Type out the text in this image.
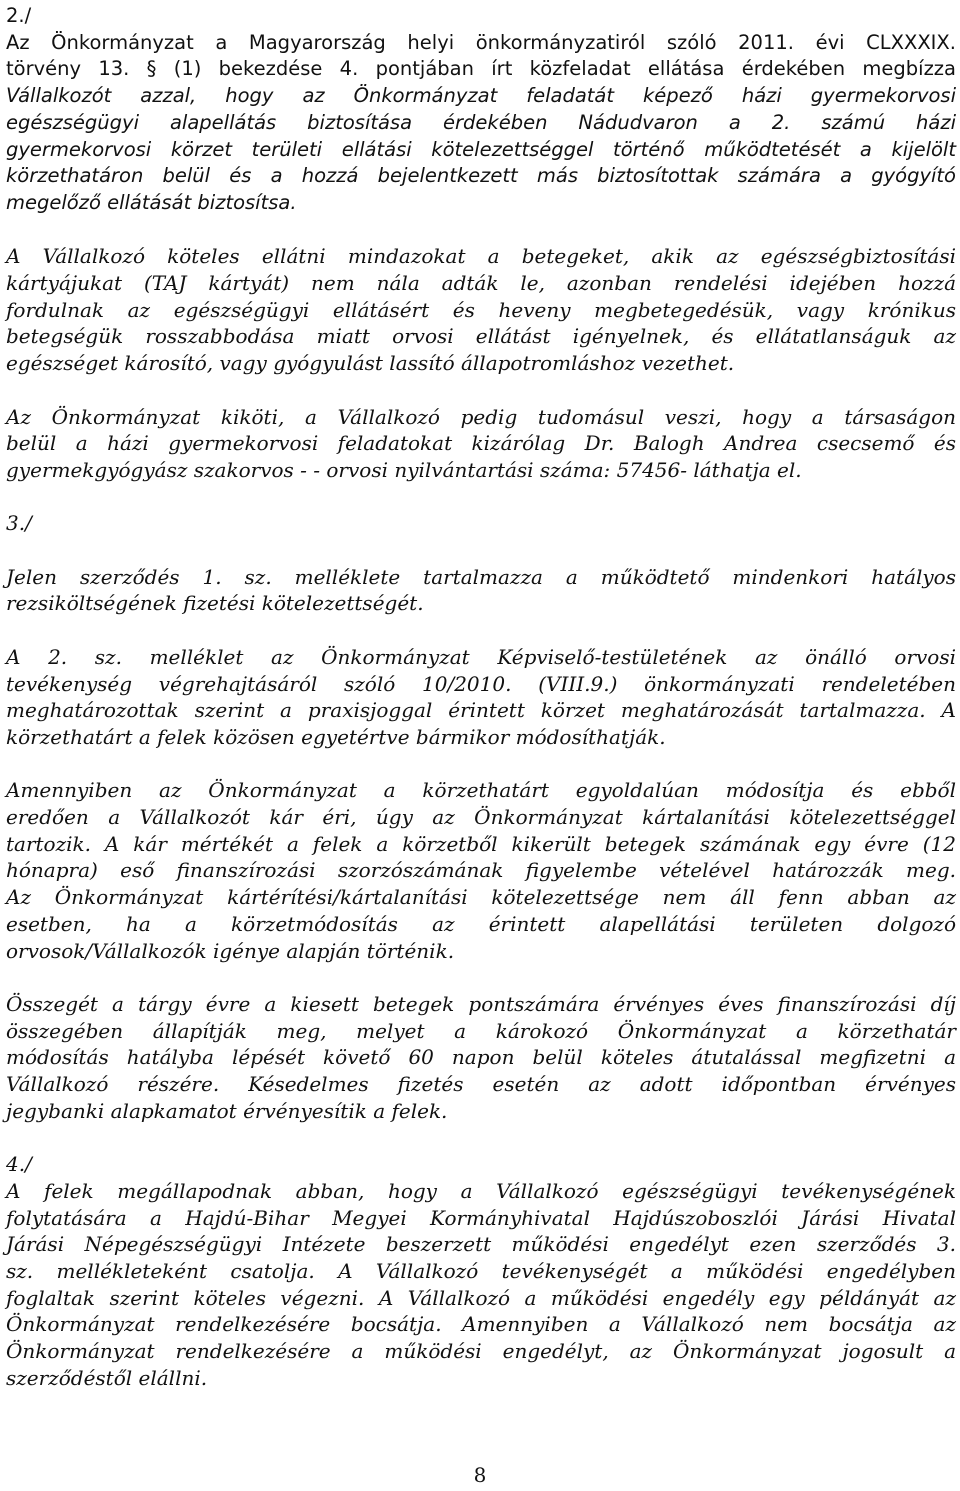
2./
Az Önkormányzat a Magyarország helyi önkormányzatiról szóló 2011. évi CLXXXIX.
törvény 13. § (1) bekezdése 4. pontjában írt közfeladat ellátása érdekében megbízza
Vállalkozót azzal, hogy az Önkormányzat feladatát képező házi gyermekorvosi
egészségügyi alapellátás biztosítása érdekében Nádudvaron a 2. számú házi
gyermekorvosi körzet területi ellátási kötelezettséggel történő működtetését a kijelölt
körzethatáron belül és a hozzá bejelentkezett más biztosítottak számára a gyógyító
megelőző ellátását biztosítsa.
A Vállalkozó köteles ellátni mindazokat a betegeket, akik az egészségbiztosítási
kártyájukat (TAJ kártyát) nem nála adták le, azonban rendelési idejében hozzá
fordulnak az egészségügyi ellátásért és heveny megbetegedésük, vagy krónikus
betegségük rosszabbodása miatt orvosi ellátást igényelnek, és ellátatlanságuk az
egészséget károsító, vagy gyógyulást lassító állapotromláshoz vezethet.
Az Önkormányzat kiköti, a Vállalkozó pedig tudomásul veszi, hogy a társaságon
belül a házi gyermekorvosi feladatokat kizárólag Dr. Balogh Andrea csecsemő és
gyermekgyógyász szakorvos - - orvosi nyilvántartási száma: 57456- láthatja el.
3./
Jelen szerződés 1. sz. melléklete tartalmazza a működtető mindenkori hatályos
rezsiköltségének fizetési kötelezettségét.
A 2. sz. melléklet az Önkormányzat Képviselő-testületének az önálló orvosi
tevékenység végrehajtásáról szóló 10/2010. (VIII.9.) önkormányzati rendeletében
meghatározottak szerint a praxisjoggal érintett körzet meghatározását tartalmazza. A
körzethatárt a felek közösen egyetértve bármikor módosíthatják.
Amennyiben az Önkormányzat a körzethatárt egyoldalúan módosítja és ebből
eredően a Vállalkozót kár éri, úgy az Önkormányzat kártalanítási kötelezettséggel
tartozik. A kár mértékét a felek a körzetből kikerült betegek számának egy évre (12
hónapra) eső finanszírozási szorzószámának figyelembe vételével határozzák meg.
Az Önkormányzat kártérítési/kártalanítási kötelezettsége nem áll fenn abban az
esetben, ha a körzetmódosítás az érintett alapellátási területen dolgozó
orvosok/Vállalkozók igénye alapján történik.
Összegét a tárgy évre a kiesett betegek pontszámára érvényes éves finanszírozási díj
összegében állapítják meg, melyet a károkozó Önkormányzat a körzethatár
módosítás hatályba lépését követő 60 napon belül köteles átutalással megfizetni a
Vállalkozó részére. Késedelmes fizetés esetén az adott időpontban érvényes
jegybanki alapkamatot érvényesítik a felek.
4./
A felek megállapodnak abban, hogy a Vállalkozó egészségügyi tevékenységének
folytatására a Hajdú-Bihar Megyei Kormányhivatal Hajdúszoboszlói Járási Hivatal
Járási Népegészségügyi Intézete beszerzett működési engedélyt ezen szerződés 3.
sz. mellékleteként csatolja. A Vállalkozó tevékenységét a működési engedélyben
foglaltak szerint köteles végezni. A Vállalkozó a működési engedély egy példányát az
Önkormányzat rendelkezésére bocsátja. Amennyiben a Vállalkozó nem bocsátja az
Önkormányzat rendelkezésére a működési engedélyt, az Önkormányzat jogosult a
szerződéstől elállni.
8
